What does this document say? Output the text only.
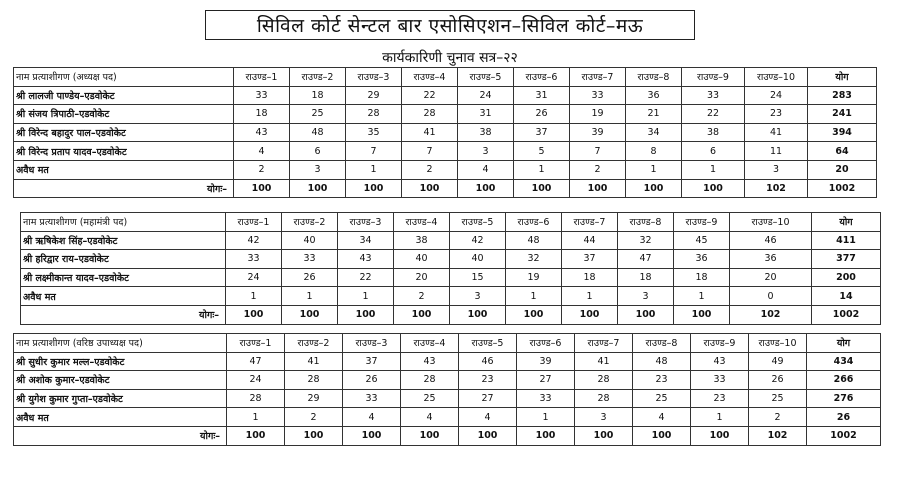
सिविल कोर्ट सेन्टल बार एसोसिएशन–सिविल कोर्ट–मऊ
कार्यकारिणी चुनाव सत्र–२२
नाम प्रत्याशीगण (अध्यक्ष पद)	राउण्ड–1	राउण्ड–2	राउण्ड–3	राउण्ड–4	राउण्ड–5	राउण्ड–6	राउण्ड–7	राउण्ड–8	राउण्ड–9	राउण्ड–10	योग
श्री लालजी पाण्डेय–एडवोकेट	33	18	29	22	24	31	33	36	33	24	283
श्री संजय त्रिपाठी–एडवोकेट	18	25	28	28	31	26	19	21	22	23	241
श्री विरेन्द बहादुर पाल–एडवोकेट	43	48	35	41	38	37	39	34	38	41	394
श्री विरेन्द प्रताप यादव–एडवोकेट	4	6	7	7	3	5	7	8	6	11	64
अवैध मत	2	3	1	2	4	1	2	1	1	3	20
योगः–	100	100	100	100	100	100	100	100	100	102	1002
नाम प्रत्याशीगण (महामंत्री पद)	राउण्ड–1	राउण्ड–2	राउण्ड–3	राउण्ड–4	राउण्ड–5	राउण्ड–6	राउण्ड–7	राउण्ड–8	राउण्ड–9	राउण्ड–10	योग
श्री ऋषिकेश सिंह–एडवोकेट	42	40	34	38	42	48	44	32	45	46	411
श्री हरिद्वार राय–एडवोकेट	33	33	43	40	40	32	37	47	36	36	377
श्री लक्ष्मीकान्त यादव–एडवोकेट	24	26	22	20	15	19	18	18	18	20	200
अवैध मत	1	1	1	2	3	1	1	3	1	0	14
योगः–	100	100	100	100	100	100	100	100	100	102	1002
नाम प्रत्याशीगण (वरिष्ठ उपाध्यक्ष पद)	राउण्ड–1	राउण्ड–2	राउण्ड–3	राउण्ड–4	राउण्ड–5	राउण्ड–6	राउण्ड–7	राउण्ड–8	राउण्ड–9	राउण्ड–10	योग
श्री सुधीर कुमार मल्ल–एडवोकेट	47	41	37	43	46	39	41	48	43	49	434
श्री अशोक कुमार–एडवोकेट	24	28	26	28	23	27	28	23	33	26	266
श्री युगेश कुमार गुप्ता–एडवोकेट	28	29	33	25	27	33	28	25	23	25	276
अवैध मत	1	2	4	4	4	1	3	4	1	2	26
योगः–	100	100	100	100	100	100	100	100	100	102	1002
